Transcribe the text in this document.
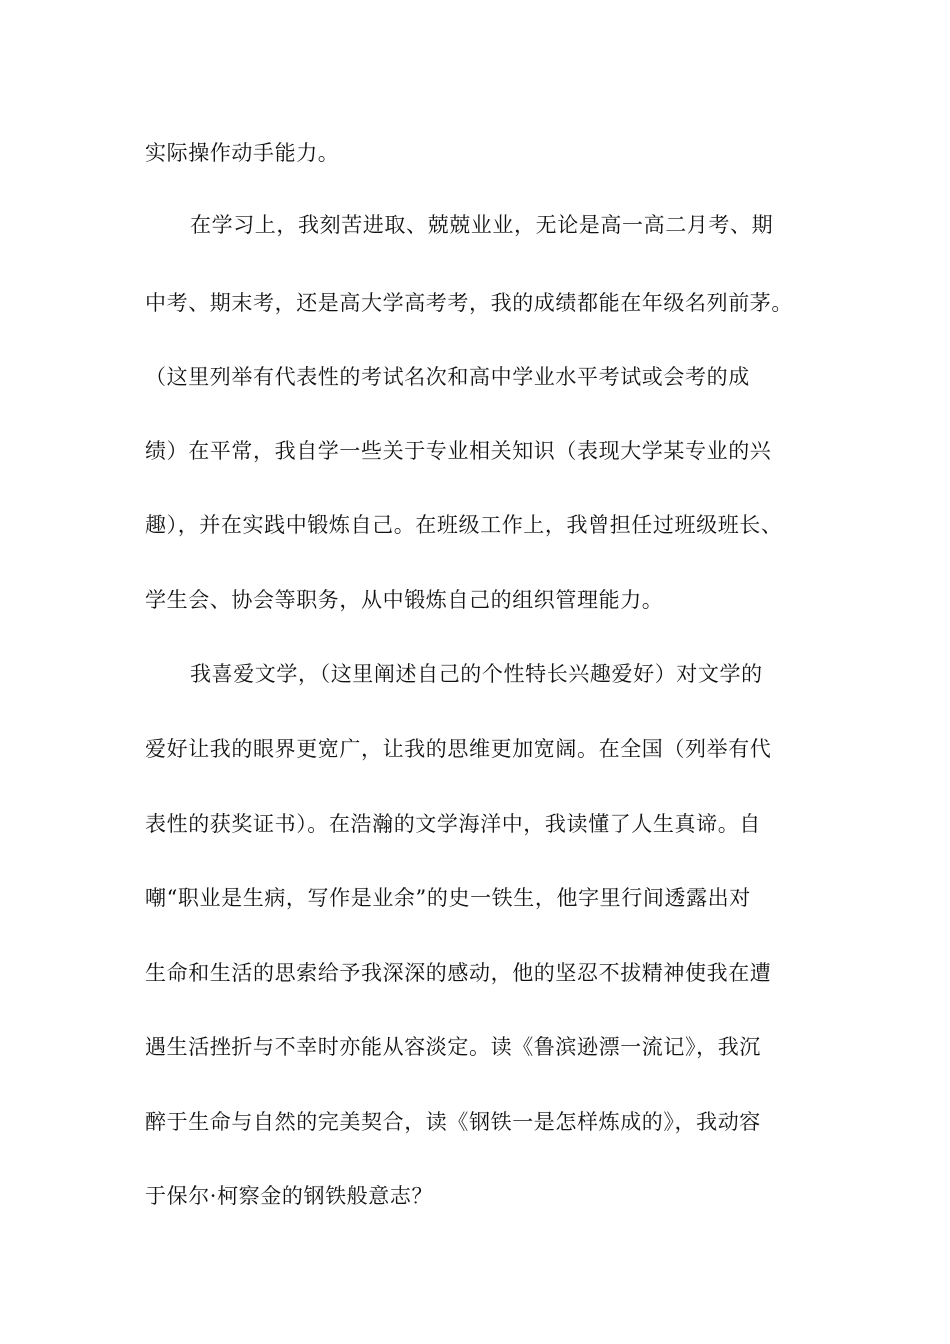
实际操作动手能力。
在学习上，我刻苦进取、兢兢业业，无论是高一高二月考、期
中考、期末考，还是高大学高考考，我的成绩都能在年级名列前茅。
（这里列举有代表性的考试名次和高中学业水平考试或会考的成
绩）在平常，我自学一些关于专业相关知识（表现大学某专业的兴
趣），并在实践中锻炼自己。在班级工作上，我曾担任过班级班长、
学生会、协会等职务，从中锻炼自己的组织管理能力。
我喜爱文学，（这里阐述自己的个性特长兴趣爱好）对文学的
爱好让我的眼界更宽广，让我的思维更加宽阔。在全国（列举有代
表性的获奖证书）。在浩瀚的文学海洋中，我读懂了人生真谛。自
嘲“职业是生病，写作是业余”的史一铁生，他字里行间透露出对
生命和生活的思索给予我深深的感动，他的坚忍不拔精神使我在遭
遇生活挫折与不幸时亦能从容淡定。读《鲁滨逊漂一流记》，我沉
醉于生命与自然的完美契合，读《钢铁一是怎样炼成的》，我动容
于保尔·柯察金的钢铁般意志？
